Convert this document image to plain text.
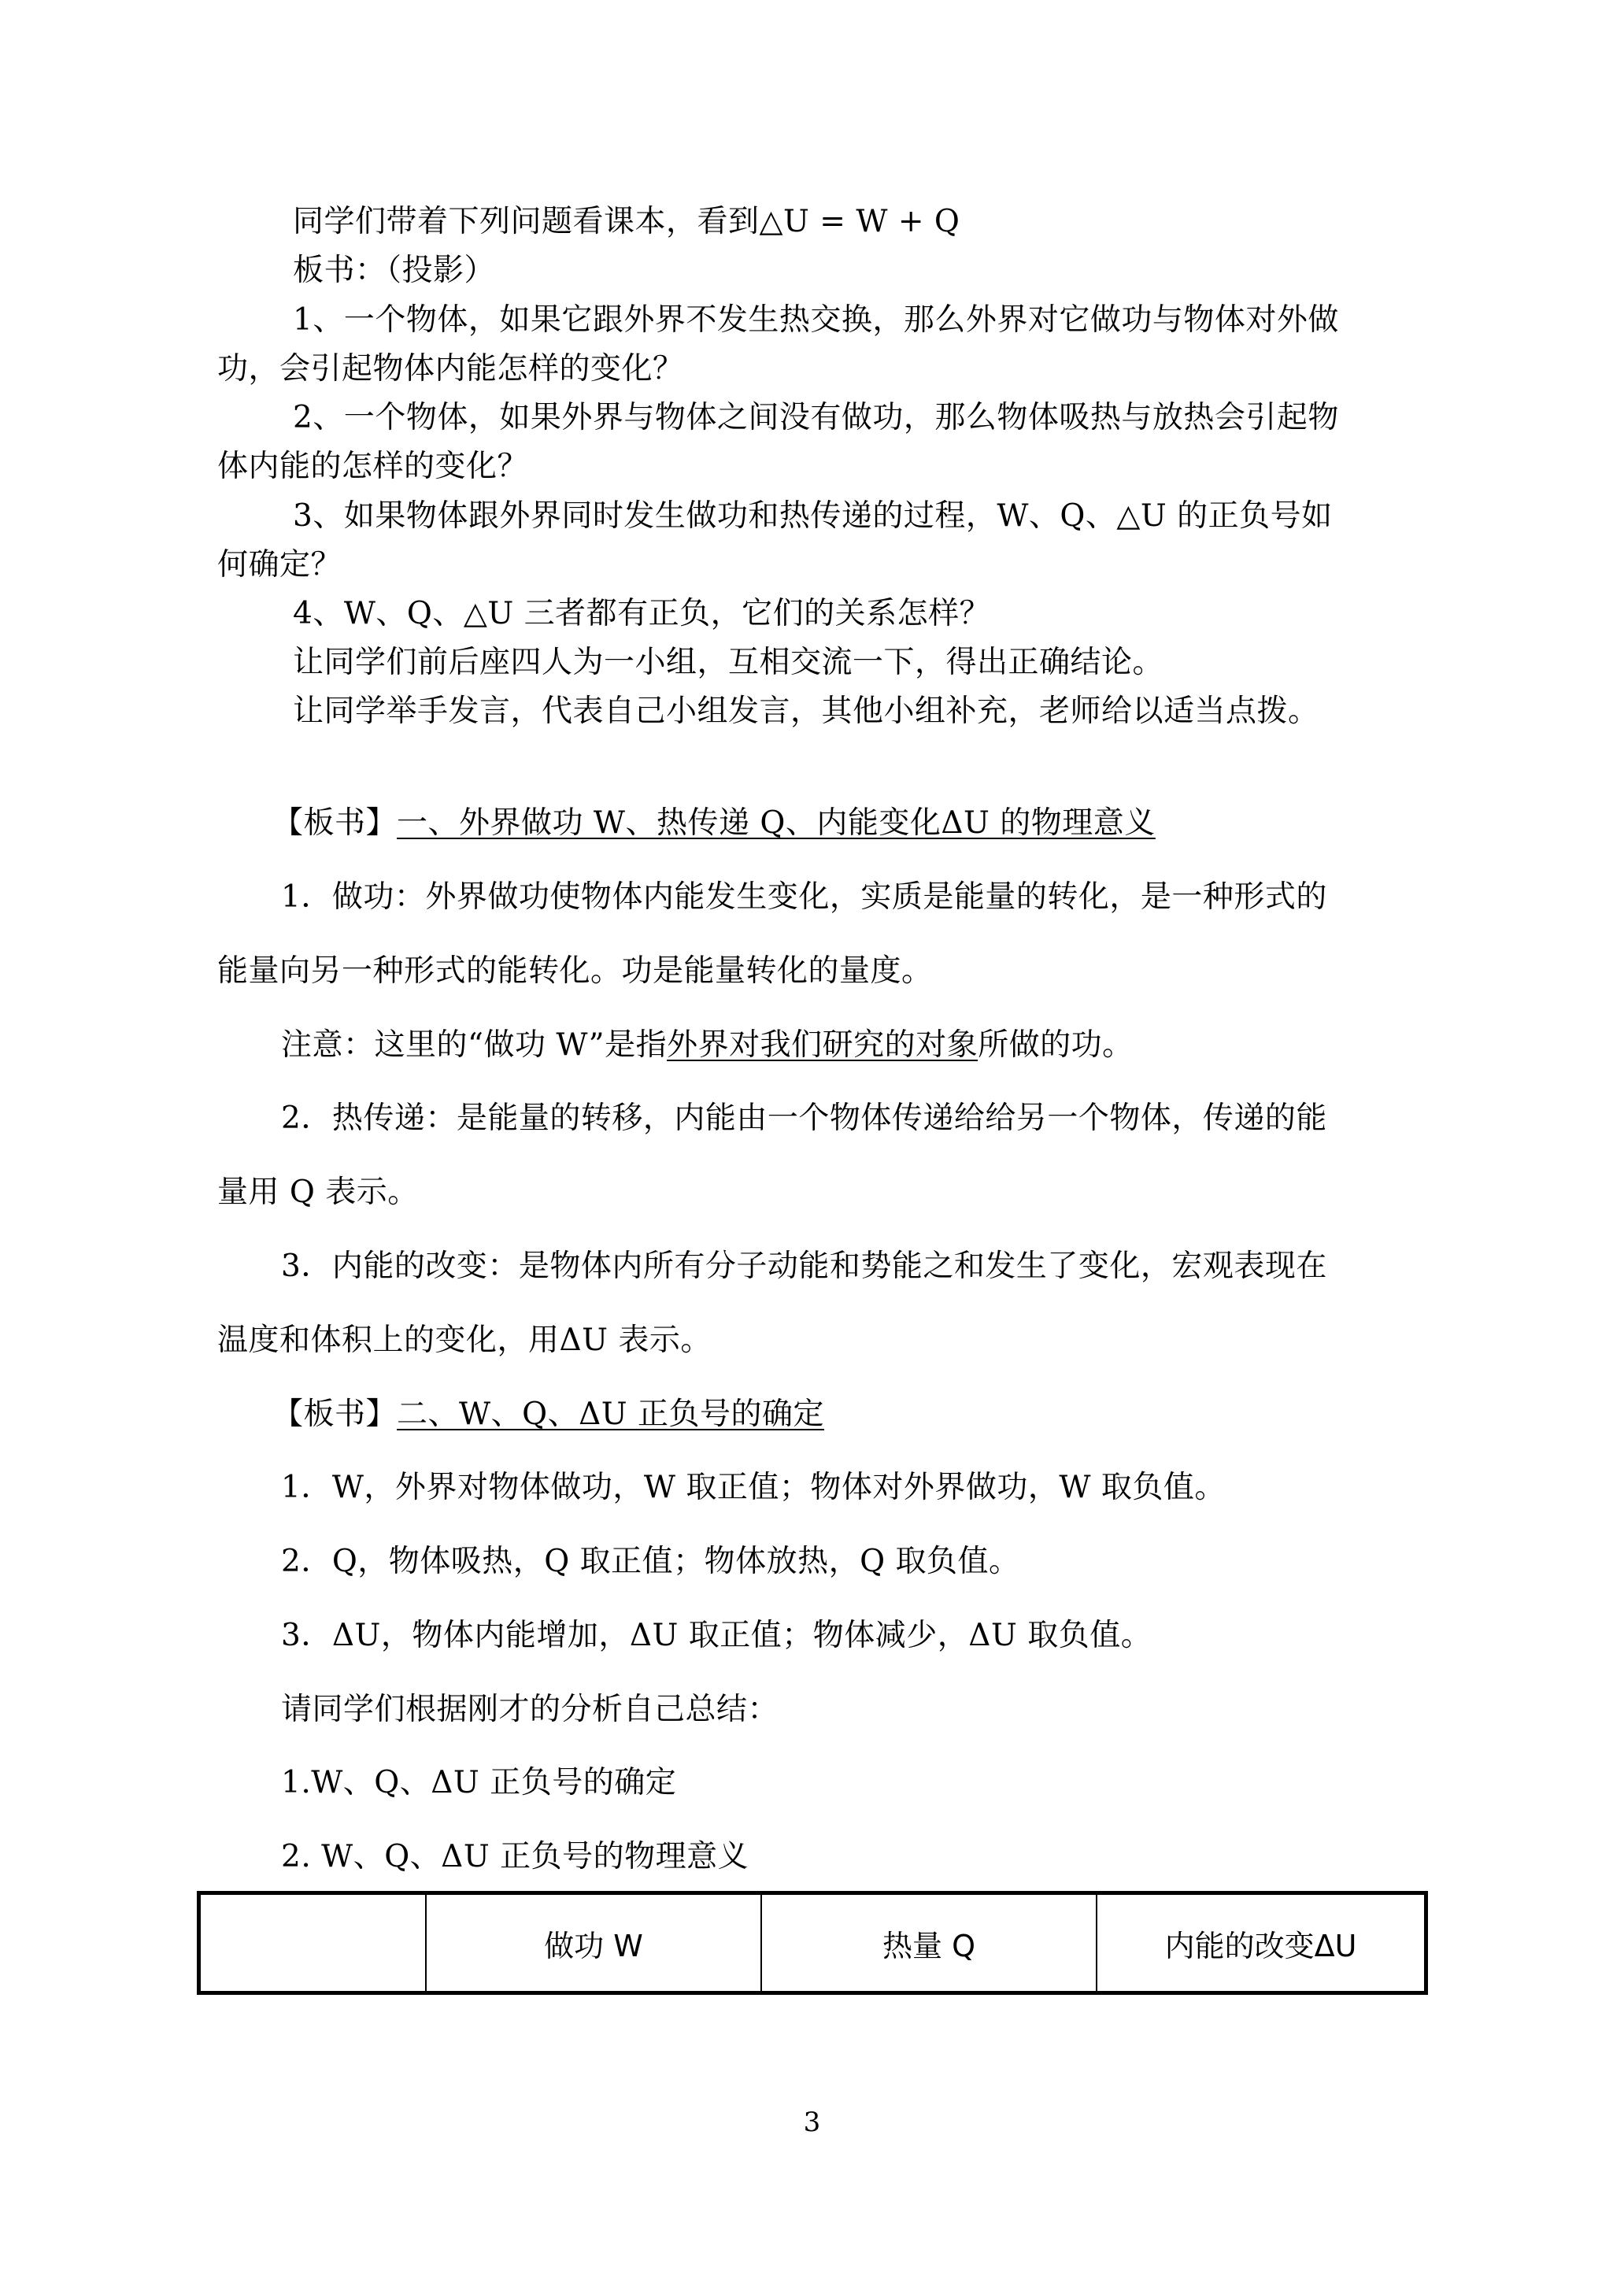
同学们带着下列问题看课本，看到△U = W + Q
板书：（投影）
1、一个物体，如果它跟外界不发生热交换，那么外界对它做功与物体对外做
功，会引起物体内能怎样的变化？
2、一个物体，如果外界与物体之间没有做功，那么物体吸热与放热会引起物
体内能的怎样的变化？
3、如果物体跟外界同时发生做功和热传递的过程，W、Q、△U 的正负号如
何确定？
4、W、Q、△U 三者都有正负，它们的关系怎样？
让同学们前后座四人为一小组，互相交流一下，得出正确结论。
让同学举手发言，代表自己小组发言，其他小组补充，老师给以适当点拨。
【板书】一、外界做功 W、热传递 Q、内能变化ΔU 的物理意义
1．做功：外界做功使物体内能发生变化，实质是能量的转化，是一种形式的
能量向另一种形式的能转化。功是能量转化的量度。
注意：这里的“做功 W”是指外界对我们研究的对象所做的功。
2．热传递：是能量的转移，内能由一个物体传递给给另一个物体，传递的能
量用 Q 表示。
3．内能的改变：是物体内所有分子动能和势能之和发生了变化，宏观表现在
温度和体积上的变化，用ΔU 表示。
【板书】二、W、Q、ΔU 正负号的确定
1．W，外界对物体做功，W 取正值；物体对外界做功，W 取负值。
2．Q，物体吸热，Q 取正值；物体放热，Q 取负值。
3．ΔU，物体内能增加，ΔU 取正值；物体减少，ΔU 取负值。
请同学们根据刚才的分析自己总结：
1.W、Q、ΔU 正负号的确定
2. W、Q、ΔU 正负号的物理意义
做功 W	热量 Q	内能的改变ΔU
3
